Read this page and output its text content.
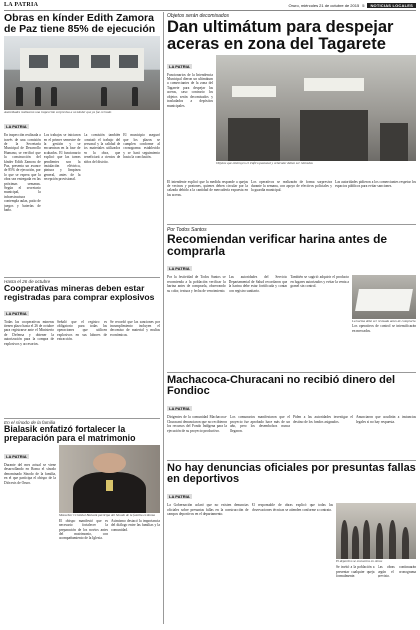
LA PATRIA	Oruro, miércoles 21 de octubre de 2015 5	NOTICIAS LOCALES
Obras en kínder Edith Zamora de Paz tiene 85% de ejecución
Autoridades realizaron una inspección sorpresiva a un kínder que ya fue cerrado
LA PATRIA
En inspección realizada a través de una comisión de la Secretaría Municipal de Desarrollo Humano, se verificó que la construcción del kínder Edith Zamora de Paz, presenta un avance de 85% de ejecución, por lo que se espera que la obra sea entregada en las próximas semanas. Según el secretario municipal, la infraestructura contempla aulas, patio de juegos y baterías de baño.
Los trabajos se iniciaron en el primer semestre de la gestión y se encuentran en la fase de acabados. El funcionario explicó que las tareas pendientes son la instalación eléctrica, pintura y limpieza general, antes de la recepción provisional.
La comisión también constató el trabajo del personal y la calidad de los materiales utilizados en la obra, que beneficiará a cientos de niños del distrito.
El municipio aseguró que los plazos se cumplen conforme al cronograma establecido y se hará seguimiento hasta la conclusión.

Hasta el 26 de octubre

Cooperativas mineras deben estar registradas para comprar explosivos
LA PATRIA
Todas las cooperativas mineras tienen plazo hasta el 26 de octubre para registrarse ante el Ministerio de Defensa y obtener la autorización para la compra de explosivos y accesorios.
Señaló que el registro es obligatorio para todas las operaciones que utilicen explosivos en sus labores de extracción.
Se recordó que las sanciones por incumplimiento incluyen el decomiso de material y multas económicas.

En el sínodo de la familia

Bialasik enfatizó fortalecer la preparación para el matrimonio
LA PATRIA
Durante del mes actual se viene desarrollando en Roma el sínodo denominado Sínodo de la familia, en el que participa el obispo de la Diócesis de Oruro.
Monseñor Cristóbal Bialasik participa del Sínodo de la familia en Roma
El obispo manifestó que es necesario fortalecer la preparación de los novios antes del matrimonio, con acompañamiento de la Iglesia.
Asimismo destacó la importancia del diálogo entre las familias y la comunidad.

Objetos serán decomisados

Dan ultimátum para despejar aceras en zona del Tagarete
LA PATRIA
Funcionarios de la Intendencia Municipal dieron un ultimátum a comerciantes de la zona del Tagarete para despejar las aceras, caso contrario los objetos serán decomisados y trasladados a depósitos municipales.
Objetos que obstruyen el tráfico peatonal y vehicular deben ser retirados
El intendente explicó que la medida responde a quejas de vecinos y peatones, quienes deben circular por la calzada debido a la cantidad de mercadería expuesta en las aceras.
Los operativos se realizarán de forma sorpresiva durante la semana, con apoyo de efectivos policiales y la guardia municipal.
Las autoridades pidieron a los comerciantes respetar los espacios públicos para evitar sanciones.

Por Todos Santos

Recomiendan verificar harina antes de comprarla
LA PATRIA
Por la festividad de Todos Santos se recomienda a la población verificar la harina antes de comprarla, observando su color, textura y fecha de vencimiento.
Las autoridades del Servicio Departamental de Salud recordaron que la harina debe estar fortificada y contar con registro sanitario.
También se sugirió adquirir el producto en lugares autorizados y evitar la venta a granel sin control.
La harina debe ser revisada antes de comprarla
Los operativos de control se intensificarán en mercados.
Machacoca-Churacani no recibió dinero del Fondioc
LA PATRIA
Dirigentes de la comunidad Machacoca-Churacani denunciaron que no recibieron los recursos del Fondo Indígena para la ejecución de su proyecto productivo.
Los comunarios manifestaron que el proyecto fue aprobado hace más de un año, pero los desembolsos nunca llegaron.
Piden a las autoridades investigar el destino de los fondos asignados.
Anunciaron que acudirán a instancias legales si no hay respuesta.
No hay denuncias oficiales por presuntas fallas en deportivos
LA PATRIA
La Gobernación aclaró que no existen denuncias oficiales sobre presuntas fallas en la construcción de campos deportivos en el departamento.
El responsable de obras explicó que todas las observaciones técnicas se atienden conforme a contrato.
El deportivo se encuentra en obras
Se invitó a la población a presentar cualquier queja formalmente.
Las obras continuarán según el cronograma previsto.
